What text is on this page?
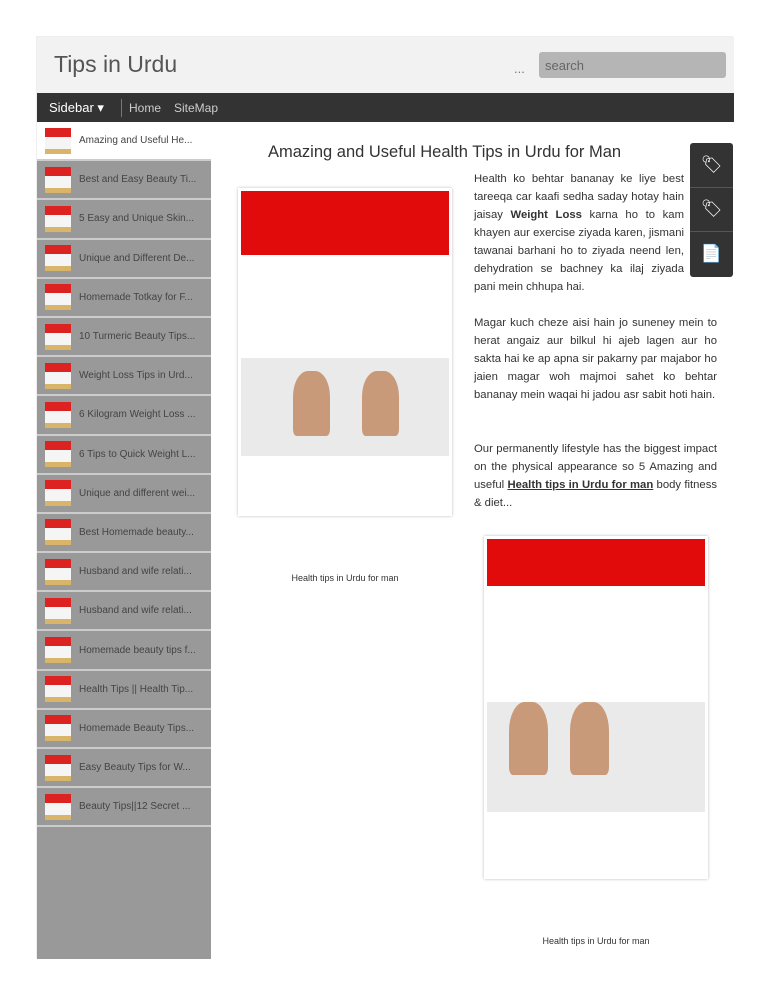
Tips in Urdu	...
search
Sidebar ▾ Home SiteMap
Amazing and Useful He...
Best and Easy Beauty Ti...
5 Easy and Unique Skin...
Unique and Different De...
Homemade Totkay for F...
10 Turmeric Beauty Tips...
Weight Loss Tips in Urd...
6 Kilogram Weight Loss ...
6 Tips to Quick Weight L...
Unique and different wei...
Best Homemade beauty...
Husband and wife relati...
Husband and wife relati...
Homemade beauty tips f...
Health Tips || Health Tip...
Homemade Beauty Tips...
Easy Beauty Tips for W...
Beauty Tips||12 Secret ...
Amazing and Useful Health Tips in Urdu for Man
Health tips in Urdu for man

Health ko behtar bananay ke liye best tareeqa car kaafi sedha saday hotay hain jaisay Weight Loss karna ho to kam khayen aur exercise ziyada karen, jismani tawanai barhani ho to ziyada neend len, dehydration se bachney ka ilaj ziyada pani mein chhupa hai.

Magar kuch cheze aisi hain jo suneney mein to herat angaiz aur bilkul hi ajeb lagen aur ho sakta hai ke ap apna sir pakarny par majabor ho jaien magar woh majmoi sahet ko behtar bananay mein waqai hi jadou asr sabit hoti hain.

Our permanently lifestyle has the biggest impact on the physical appearance so 5 Amazing and useful Health tips in Urdu for man body fitness & diet...

Health tips in Urdu for man
🏷
🏷
📄
